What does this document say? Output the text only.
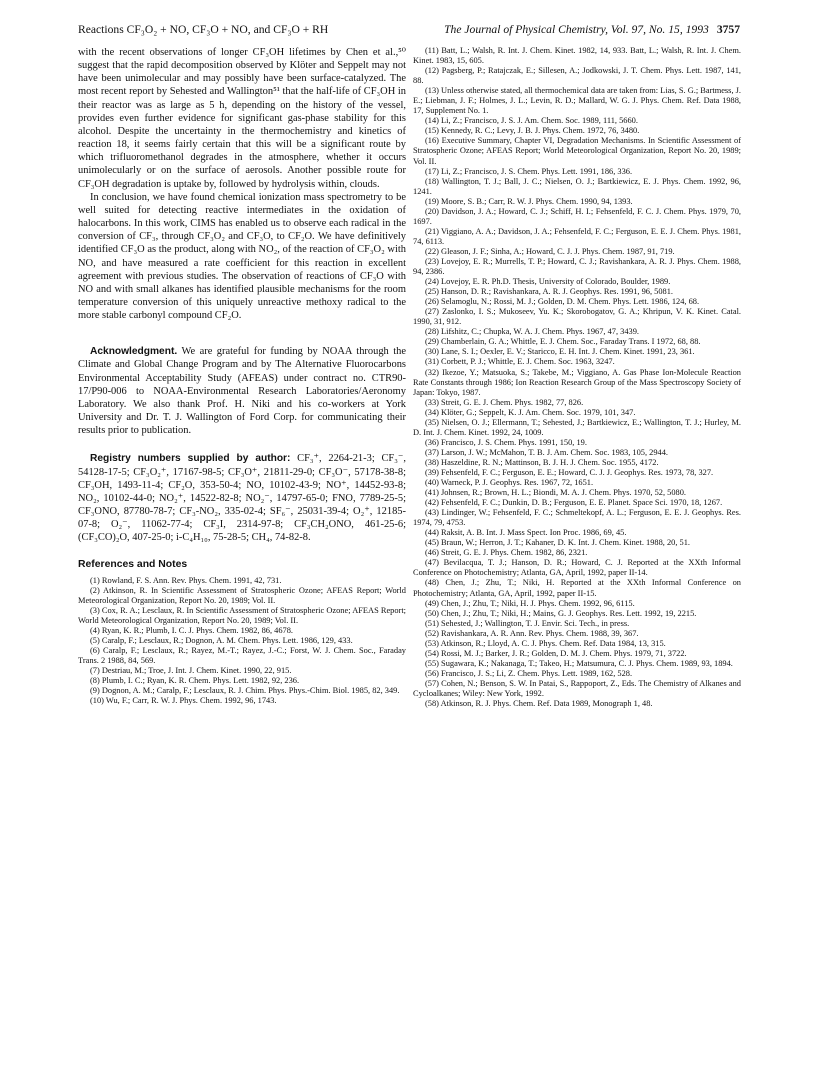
Reactions CF₃O₂ + NO, CF₃O + NO, and CF₃O + RH	The Journal of Physical Chemistry, Vol. 97, No. 15, 1993 3757

with the recent observations of longer CF₃OH lifetimes by Chen et al.,⁵⁰ suggest that the rapid decomposition observed by Klöter and Seppelt may not have been unimolecular and may possibly have been surface-catalyzed. The most recent report by Sehested and Wallington⁵¹ that the half-life of CF₃OH in their reactor was as large as 5 h, depending on the history of the vessel, provides even further evidence for significant gas-phase stability for this alcohol. Despite the uncertainty in the thermochemistry and kinetics of reaction 18, it seems fairly certain that this will be a significant route by which trifluoromethanol degrades in the atmosphere, whether it occurs unimolecularly or on the surface of aerosols. Another possible route for CF₃OH degradation is uptake by, followed by hydrolysis within, clouds.

In conclusion, we have found chemical ionization mass spectrometry to be well suited for detecting reactive intermediates in the oxidation of halocarbons. In this work, CIMS has enabled us to observe each radical in the conversion of CF₃, through CF₃O₂ and CF₃O, to CF₂O. We have definitively identified CF₃O as the product, along with NO₂, of the reaction of CF₃O₂ with NO, and have measured a rate coefficient for this reaction in excellent agreement with previous studies. The observation of reactions of CF₃O with NO and with small alkanes has identified plausible mechanisms for the room temperature conversion of this uniquely unreactive methoxy radical to the more stable carbonyl compound CF₂O.

Acknowledgment. We are grateful for funding by NOAA through the Climate and Global Change Program and by The Alternative Fluorocarbons Environmental Acceptability Study (AFEAS) under contract no. CTR90-17/P90-006 to NOAA-Environmental Research Laboratories/Aeronomy Laboratory. We also thank Prof. H. Niki and his co-workers at York University and Dr. T. J. Wallington of Ford Corp. for communicating their results prior to publication.

Registry numbers supplied by author: CF₃⁺, 2264-21-3; CF₃⁻, 54128-17-5; CF₃O₂⁺, 17167-98-5; CF₃O⁺, 21811-29-0; CF₃O⁻, 57178-38-8; CF₃OH, 1493-11-4; CF₂O, 353-50-4; NO, 10102-43-9; NO⁺, 14452-93-8; NO₂, 10102-44-0; NO₂⁺, 14522-82-8; NO₂⁻, 14797-65-0; FNO, 7789-25-5; CF₃ONO, 87780-78-7; CF₃-NO₂, 335-02-4; SF₆⁻, 25031-39-4; O₂⁺, 12185-07-8; O₂⁻, 11062-77-4; CF₃I, 2314-97-8; CF₃CH₂ONO, 461-25-6; (CF₃CO)₂O, 407-25-0; i-C₄H₁₀, 75-28-5; CH₄, 74-82-8.

References and Notes

(1) Rowland, F. S. Ann. Rev. Phys. Chem. 1991, 42, 731.

(2) Atkinson, R. In Scientific Assessment of Stratospheric Ozone; AFEAS Report; World Meteorological Organization, Report No. 20, 1989; Vol. II.

(3) Cox, R. A.; Lesclaux, R. In Scientific Assessment of Stratospheric Ozone; AFEAS Report; World Meteorological Organization, Report No. 20, 1989; Vol. II.

(4) Ryan, K. R.; Plumb, I. C. J. Phys. Chem. 1982, 86, 4678.

(5) Caralp, F.; Lesclaux, R.; Dognon, A. M. Chem. Phys. Lett. 1986, 129, 433.

(6) Caralp, F.; Lesclaux, R.; Rayez, M.-T.; Rayez, J.-C.; Forst, W. J. Chem. Soc., Faraday Trans. 2 1988, 84, 569.

(7) Destriau, M.; Troe, J. Int. J. Chem. Kinet. 1990, 22, 915.

(8) Plumb, I. C.; Ryan, K. R. Chem. Phys. Lett. 1982, 92, 236.

(9) Dognon, A. M.; Caralp, F.; Lesclaux, R. J. Chim. Phys. Phys.-Chim. Biol. 1985, 82, 349.

(10) Wu, F.; Carr, R. W. J. Phys. Chem. 1992, 96, 1743.

(11) Batt, L.; Walsh, R. Int. J. Chem. Kinet. 1982, 14, 933. Batt, L.; Walsh, R. Int. J. Chem. Kinet. 1983, 15, 605.

(12) Pagsberg, P.; Ratajczak, E.; Sillesen, A.; Jodkowski, J. T. Chem. Phys. Lett. 1987, 141, 88.

(13) Unless otherwise stated, all thermochemical data are taken from: Lias, S. G.; Bartmess, J. E.; Liebman, J. F.; Holmes, J. L.; Levin, R. D.; Mallard, W. G. J. Phys. Chem. Ref. Data 1988, 17, Supplement No. 1.

(14) Li, Z.; Francisco, J. S. J. Am. Chem. Soc. 1989, 111, 5660.

(15) Kennedy, R. C.; Levy, J. B. J. Phys. Chem. 1972, 76, 3480.

(16) Executive Summary, Chapter VI, Degradation Mechanisms. In Scientific Assessment of Stratospheric Ozone; AFEAS Report; World Meteorological Organization, Report No. 20, 1989; Vol. II.

(17) Li, Z.; Francisco, J. S. Chem. Phys. Lett. 1991, 186, 336.

(18) Wallington, T. J.; Ball, J. C.; Nielsen, O. J.; Bartkiewicz, E. J. Phys. Chem. 1992, 96, 1241.

(19) Moore, S. B.; Carr, R. W. J. Phys. Chem. 1990, 94, 1393.

(20) Davidson, J. A.; Howard, C. J.; Schiff, H. I.; Fehsenfeld, F. C. J. Chem. Phys. 1979, 70, 1697.

(21) Viggiano, A. A.; Davidson, J. A.; Fehsenfeld, F. C.; Ferguson, E. E. J. Chem. Phys. 1981, 74, 6113.

(22) Gleason, J. F.; Sinha, A.; Howard, C. J. J. Phys. Chem. 1987, 91, 719.

(23) Lovejoy, E. R.; Murrells, T. P.; Howard, C. J.; Ravishankara, A. R. J. Phys. Chem. 1988, 94, 2386.

(24) Lovejoy, E. R. Ph.D. Thesis, University of Colorado, Boulder, 1989.

(25) Hanson, D. R.; Ravishankara, A. R. J. Geophys. Res. 1991, 96, 5081.

(26) Selamoglu, N.; Rossi, M. J.; Golden, D. M. Chem. Phys. Lett. 1986, 124, 68.

(27) Zaslonko, I. S.; Mukoseev, Yu. K.; Skorobogatov, G. A.; Khripun, V. K. Kinet. Catal. 1990, 31, 912.

(28) Lifshitz, C.; Chupka, W. A. J. Chem. Phys. 1967, 47, 3439.

(29) Chamberlain, G. A.; Whittle, E. J. Chem. Soc., Faraday Trans. I 1972, 68, 88.

(30) Lane, S. I.; Oexler, E. V.; Staricco, E. H. Int. J. Chem. Kinet. 1991, 23, 361.

(31) Corbett, P. J.; Whittle, E. J. Chem. Soc. 1963, 3247.

(32) Ikezoe, Y.; Matsuoka, S.; Takebe, M.; Viggiano, A. Gas Phase Ion-Molecule Reaction Rate Constants through 1986; Ion Reaction Research Group of the Mass Spectroscopy Society of Japan: Tokyo, 1987.

(33) Streit, G. E. J. Chem. Phys. 1982, 77, 826.

(34) Klöter, G.; Seppelt, K. J. Am. Chem. Soc. 1979, 101, 347.

(35) Nielsen, O. J.; Ellermann, T.; Sehested, J.; Bartkiewicz, E.; Wallington, T. J.; Hurley, M. D. Int. J. Chem. Kinet. 1992, 24, 1009.

(36) Francisco, J. S. Chem. Phys. 1991, 150, 19.

(37) Larson, J. W.; McMahon, T. B. J. Am. Chem. Soc. 1983, 105, 2944.

(38) Haszeldine, R. N.; Mattinson, B. J. H. J. Chem. Soc. 1955, 4172.

(39) Fehsenfeld, F. C.; Ferguson, E. E.; Howard, C. J. J. Geophys. Res. 1973, 78, 327.

(40) Warneck, P. J. Geophys. Res. 1967, 72, 1651.

(41) Johnsen, R.; Brown, H. L.; Biondi, M. A. J. Chem. Phys. 1970, 52, 5080.

(42) Fehsenfeld, F. C.; Dunkin, D. B.; Ferguson, E. E. Planet. Space Sci. 1970, 18, 1267.

(43) Lindinger, W.; Fehsenfeld, F. C.; Schmeltekopf, A. L.; Ferguson, E. E. J. Geophys. Res. 1974, 79, 4753.

(44) Raksit, A. B. Int. J. Mass Spect. Ion Proc. 1986, 69, 45.

(45) Braun, W.; Herron, J. T.; Kahaner, D. K. Int. J. Chem. Kinet. 1988, 20, 51.

(46) Streit, G. E. J. Phys. Chem. 1982, 86, 2321.

(47) Bevilacqua, T. J.; Hanson, D. R.; Howard, C. J. Reported at the XXth Informal Conference on Photochemistry; Atlanta, GA, April, 1992, paper II-14.

(48) Chen, J.; Zhu, T.; Niki, H. Reported at the XXth Informal Conference on Photochemistry; Atlanta, GA, April, 1992, paper II-15.

(49) Chen, J.; Zhu, T.; Niki, H. J. Phys. Chem. 1992, 96, 6115.

(50) Chen, J.; Zhu, T.; Niki, H.; Mains, G. J. Geophys. Res. Lett. 1992, 19, 2215.

(51) Sehested, J.; Wallington, T. J. Envir. Sci. Tech., in press.

(52) Ravishankara, A. R. Ann. Rev. Phys. Chem. 1988, 39, 367.

(53) Atkinson, R.; Lloyd, A. C. J. Phys. Chem. Ref. Data 1984, 13, 315.

(54) Rossi, M. J.; Barker, J. R.; Golden, D. M. J. Chem. Phys. 1979, 71, 3722.

(55) Sugawara, K.; Nakanaga, T.; Takeo, H.; Matsumura, C. J. Phys. Chem. 1989, 93, 1894.

(56) Francisco, J. S.; Li, Z. Chem. Phys. Lett. 1989, 162, 528.

(57) Cohen, N.; Benson, S. W. In Patai, S., Rappoport, Z., Eds. The Chemistry of Alkanes and Cycloalkanes; Wiley: New York, 1992.

(58) Atkinson, R. J. Phys. Chem. Ref. Data 1989, Monograph 1, 48.
